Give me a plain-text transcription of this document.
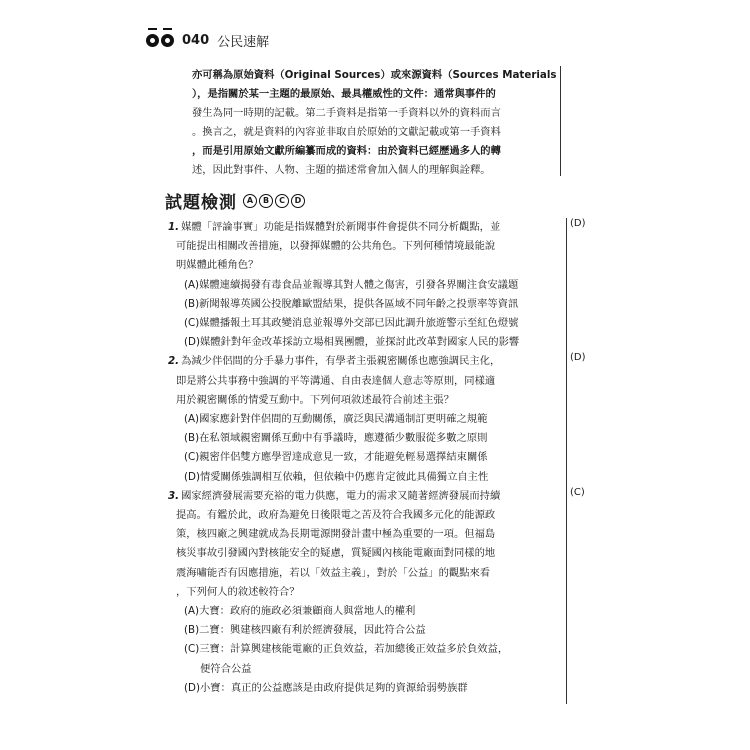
040 公民速解

亦可稱為原始資料（Original Sources）或來源資料（Sources Materials
），是指關於某一主題的最原始、最具權威性的文件：通常與事件的
發生為同一時期的記載。第二手資料是指第一手資料以外的資料而言
。換言之，就是資料的內容並非取自於原始的文獻記載或第一手資料
，而是引用原始文獻所編纂而成的資料：由於資料已經歷過多人的轉
述，因此對事件、人物、主題的描述常會加入個人的理解與詮釋。

試題檢測	A	B	C	D
1. 媒體「評論事實」功能是指媒體對於新聞事件會提供不同分析觀點，並
可能提出相關改善措施，以發揮媒體的公共角色。下列何種情境最能說
明媒體此種角色？
(A)媒體連續揭發有毒食品並報導其對人體之傷害，引發各界關注食安議題
(B)新聞報導英國公投脫離歐盟結果，提供各區域不同年齡之投票率等資訊
(C)媒體播報土耳其政變消息並報導外交部已因此調升旅遊警示至紅色燈號
(D)媒體針對年金改革採訪立場相異團體，並探討此改革對國家人民的影響
2. 為減少伴侶間的分手暴力事件，有學者主張親密關係也應強調民主化，
即是將公共事務中強調的平等溝通、自由表達個人意志等原則，同樣適
用於親密關係的情愛互動中。下列何項敘述最符合前述主張？
(A)國家應針對伴侶間的互動關係，廣泛與民溝通制訂更明確之規範
(B)在私領域親密關係互動中有爭議時，應遵循少數服從多數之原則
(C)親密伴侶雙方應學習達成意見一致，才能避免輕易選擇結束關係
(D)情愛關係強調相互依賴，但依賴中仍應肯定彼此具備獨立自主性
3. 國家經濟發展需要充裕的電力供應，電力的需求又隨著經濟發展而持續
提高。有鑑於此，政府為避免日後限電之苦及符合我國多元化的能源政
策，核四廠之興建就成為長期電源開發計畫中極為重要的一項。但福島
核災事故引發國內對核能安全的疑慮，質疑國內核能電廠面對同樣的地
震海嘯能否有因應措施，若以「效益主義」，對於「公益」的觀點來看
，下列何人的敘述較符合？
(A)大寶：政府的施政必須兼顧商人與當地人的權利
(B)二寶：興建核四廠有利於經濟發展，因此符合公益
(C)三寶：計算興建核能電廠的正負效益，若加總後正效益多於負效益，
便符合公益
(D)小寶：真正的公益應該是由政府提供足夠的資源給弱勢族群
(D)
(D)
(C)
